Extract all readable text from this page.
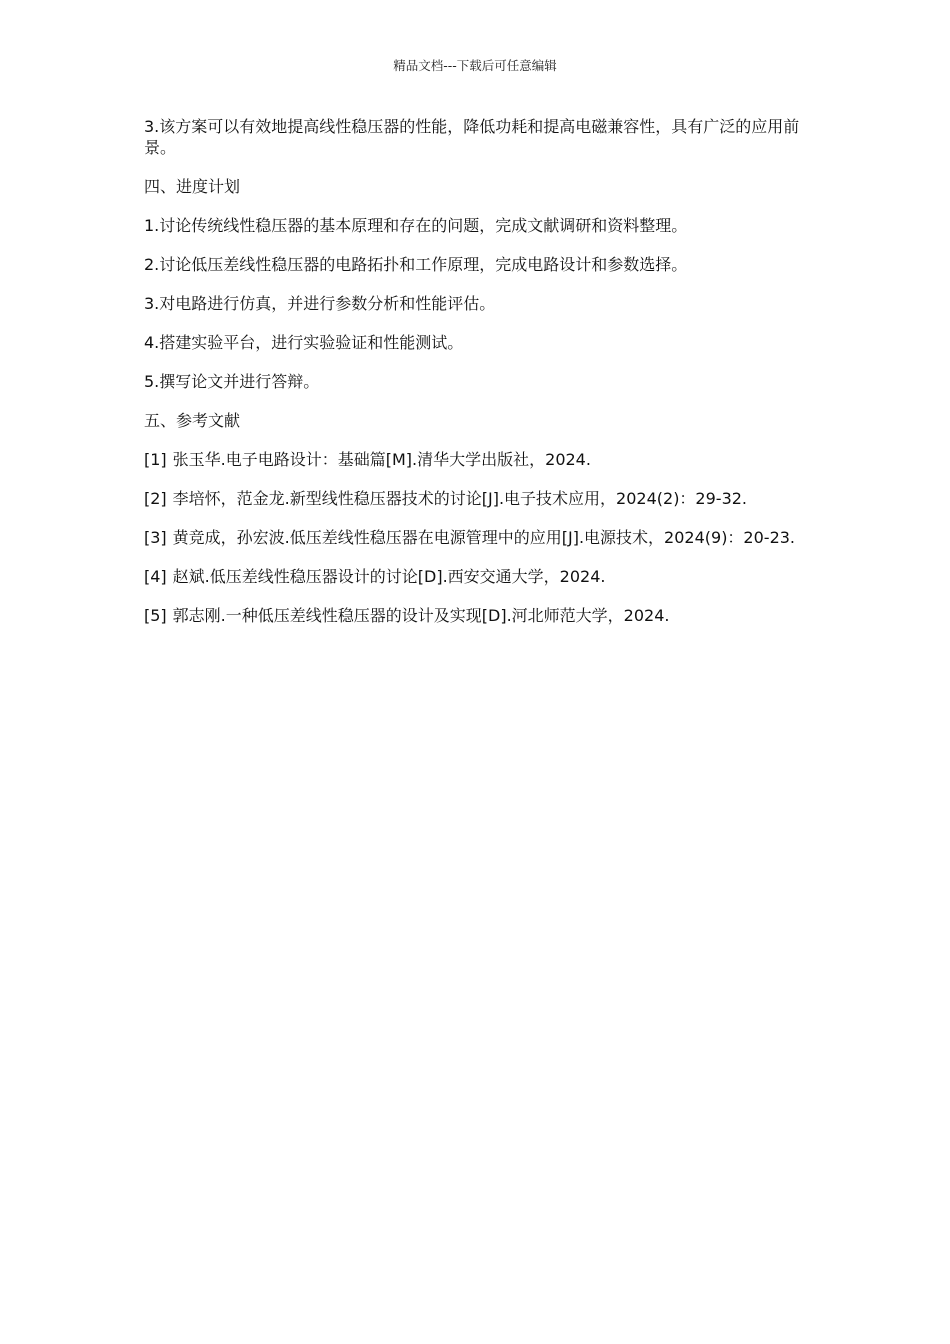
精品文档---下载后可任意编辑

3.该方案可以有效地提高线性稳压器的性能，降低功耗和提高电磁兼容性，具有广泛的应用前景。

四、进度计划

1.讨论传统线性稳压器的基本原理和存在的问题，完成文献调研和资料整理。

2.讨论低压差线性稳压器的电路拓扑和工作原理，完成电路设计和参数选择。

3.对电路进行仿真，并进行参数分析和性能评估。

4.搭建实验平台，进行实验验证和性能测试。

5.撰写论文并进行答辩。

五、参考文献

[1] 张玉华.电子电路设计：基础篇[M].清华大学出版社，2024.

[2] 李培怀，范金龙.新型线性稳压器技术的讨论[J].电子技术应用，2024(2)：29-32.

[3] 黄竞成，孙宏波.低压差线性稳压器在电源管理中的应用[J].电源技术，2024(9)：20-23.

[4] 赵斌.低压差线性稳压器设计的讨论[D].西安交通大学，2024.

[5] 郭志刚.一种低压差线性稳压器的设计及实现[D].河北师范大学，2024.
